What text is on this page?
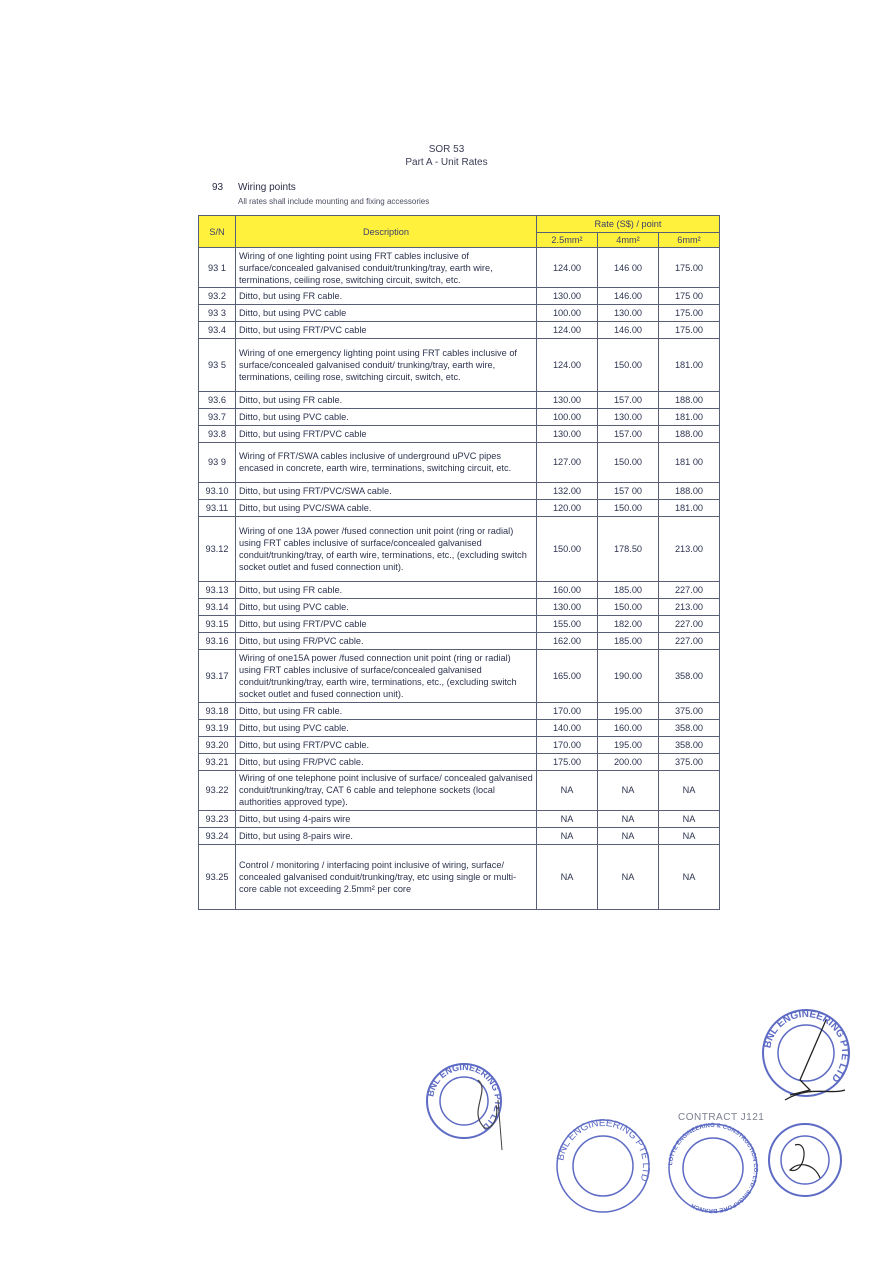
SOR 53
Part A - Unit Rates
93 Wiring points
All rates shall include mounting and fixing accessories
S/N	Description	Rate (S$) / point		
		2.5mm²	4mm²	6mm²
93 1	Wiring of one lighting point using FRT cables inclusive of surface/concealed galvanised conduit/trunking/tray, earth wire, terminations, ceiling rose, switching circuit, switch, etc.	124.00	146 00	175.00
93.2	Ditto, but using FR cable.	130.00	146.00	175 00
93 3	Ditto, but using PVC cable	100.00	130.00	175.00
93.4	Ditto, but using FRT/PVC cable	124.00	146.00	175.00
93 5	Wiring of one emergency lighting point using FRT cables inclusive of surface/concealed galvanised conduit/ trunking/tray, earth wire, terminations, ceiling rose, switching circuit, switch, etc.	124.00	150.00	181.00
93.6	Ditto, but using FR cable.	130.00	157.00	188.00
93.7	Ditto, but using PVC cable.	100.00	130.00	181.00
93.8	Ditto, but using FRT/PVC cable	130.00	157.00	188.00
93 9	Wiring of FRT/SWA cables inclusive of underground uPVC pipes encased in concrete, earth wire, terminations, switching circuit, etc.	127.00	150.00	181 00
93.10	Ditto, but using FRT/PVC/SWA cable.	132.00	157 00	188.00
93.11	Ditto, but using PVC/SWA cable.	120.00	150.00	181.00
93.12	Wiring of one 13A power /fused connection unit point (ring or radial) using FRT cables inclusive of surface/concealed galvanised conduit/trunking/tray, of earth wire, terminations, etc., (excluding switch socket outlet and fused connection unit).	150.00	178.50	213.00
93.13	Ditto, but using FR cable.	160.00	185.00	227.00
93.14	Ditto, but using PVC cable.	130.00	150.00	213.00
93.15	Ditto, but using FRT/PVC cable	155.00	182.00	227.00
93.16	Ditto, but using FR/PVC cable.	162.00	185.00	227.00
93.17	Wiring of one15A power /fused connection unit point (ring or radial) using FRT cables inclusive of surface/concealed galvanised conduit/trunking/tray, earth wire, terminations, etc., (excluding switch socket outlet and fused connection unit).	165.00	190.00	358.00
93.18	Ditto, but using FR cable.	170.00	195.00	375.00
93.19	Ditto, but using PVC cable.	140.00	160.00	358.00
93.20	Ditto, but using FRT/PVC cable.	170.00	195.00	358.00
93.21	Ditto, but using FR/PVC cable.	175.00	200.00	375.00
93.22	Wiring of one telephone point inclusive of surface/ concealed galvanised conduit/trunking/tray, CAT 6 cable and telephone sockets (local authorities approved type).	NA	NA	NA
93.23	Ditto, but using 4-pairs wire	NA	NA	NA
93.24	Ditto, but using 8-pairs wire.	NA	NA	NA
93.25	Control / monitoring / interfacing point inclusive of wiring, surface/ concealed galvanised conduit/trunking/tray, etc using single or multi-core cable not exceeding 2.5mm² per core	NA	NA	NA
BNL ENGINEERING PTE LTD
BNL ENGINEERING PTE LTD
BNL ENGINEERING PTE LTD
LOTTE ENGINEERING & CONSTRUCTION CO. LTD. SINGAPORE BRANCH
CONTRACT J121
